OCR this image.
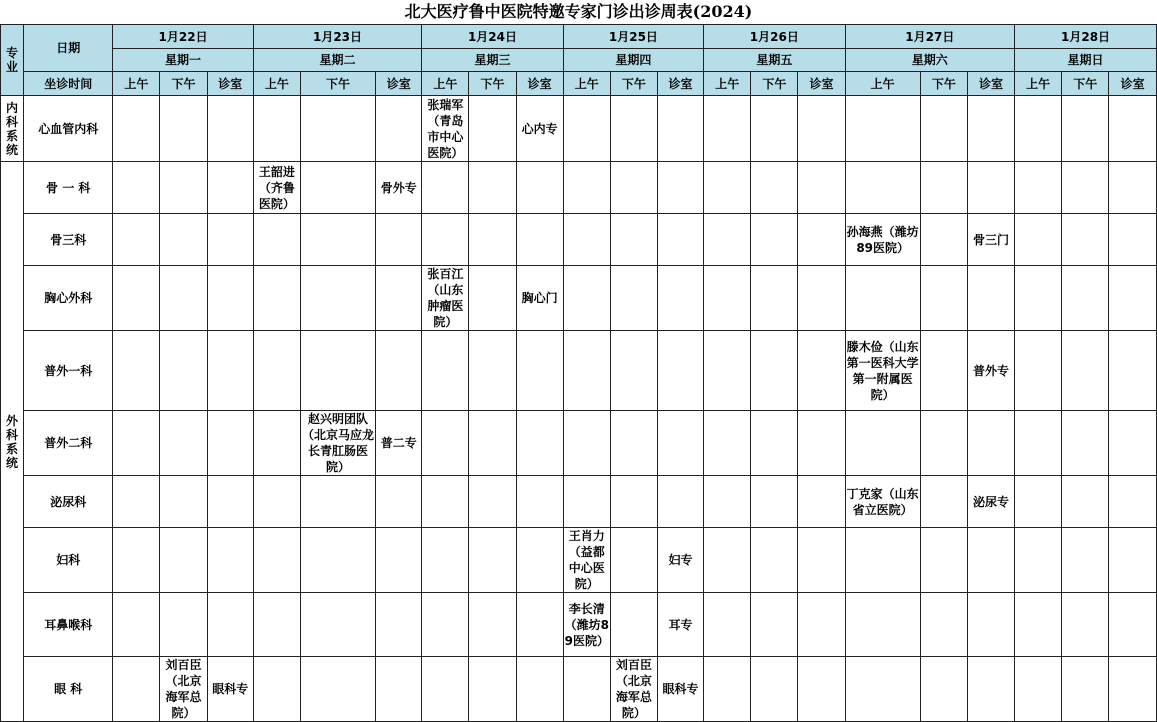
北大医疗鲁中医院特邀专家门诊出诊周表(2024)																						
专业	日期	1月22日			1月23日			1月24日			1月25日			1月26日			1月27日			1月28日		
		星期一			星期二			星期三			星期四			星期五			星期六			星期日		
	坐诊时间	上午	下午	诊室	上午	下午	诊室	上午	下午	诊室	上午	下午	诊室	上午	下午	诊室	上午	下午	诊室	上午	下午	诊室
内科系统	心血管内科							张瑞军（青岛市中心医院）		心内专												
外科系统	骨 一 科				王韶进（齐鲁医院）		骨外专															
	骨三科																孙海燕（潍坊89医院）		骨三门			
	胸心外科							张百江（山东肿瘤医院）		胸心门												
	普外一科																滕木俭（山东第一医科大学第一附属医院）		普外专			
	普外二科					赵兴明团队（北京马应龙长青肛肠医院）	普二专															
	泌尿科																丁克家（山东省立医院）		泌尿专			
	妇科										王肖力（益都中心医院）		妇专									
	耳鼻喉科										李长清（潍坊89医院）		耳专									
	眼 科		刘百臣（北京海军总院）	眼科专								刘百臣（北京海军总院）	眼科专									
